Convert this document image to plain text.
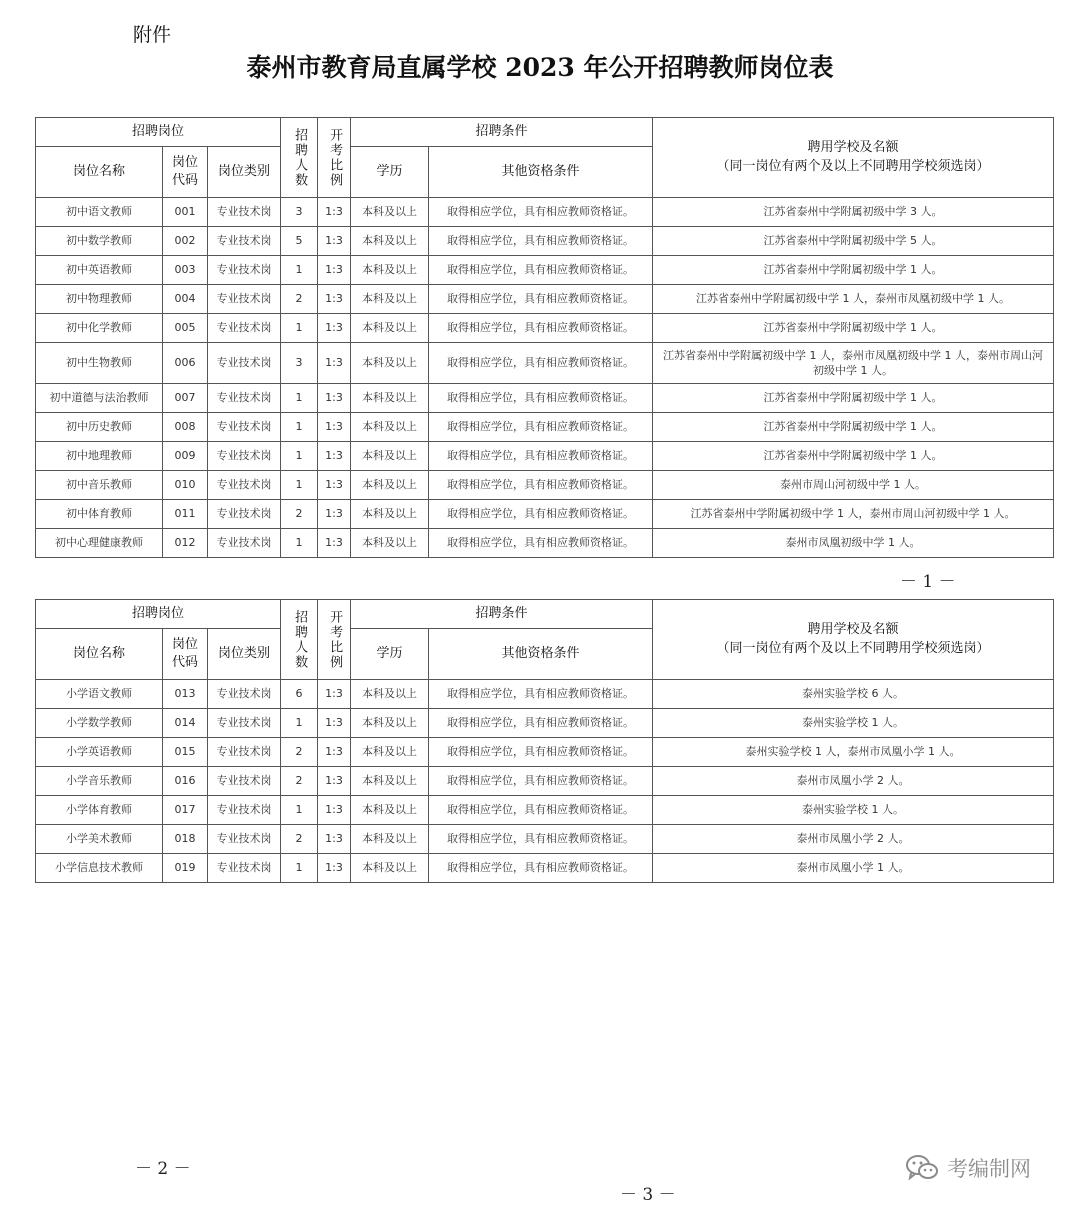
附件
泰州市教育局直属学校 2023 年公开招聘教师岗位表
招聘岗位			招聘人数	开考比例	招聘条件		聘用学校及名额
（同一岗位有两个及以上不同聘用学校须选岗）

岗位名称	岗位代码	岗位类别			学历	其他资格条件	
初中语文教师	001	专业技术岗	3	1:3	本科及以上	取得相应学位，具有相应教师资格证。	江苏省泰州中学附属初级中学 3 人。
初中数学教师	002	专业技术岗	5	1:3	本科及以上	取得相应学位，具有相应教师资格证。	江苏省泰州中学附属初级中学 5 人。
初中英语教师	003	专业技术岗	1	1:3	本科及以上	取得相应学位，具有相应教师资格证。	江苏省泰州中学附属初级中学 1 人。
初中物理教师	004	专业技术岗	2	1:3	本科及以上	取得相应学位，具有相应教师资格证。	江苏省泰州中学附属初级中学 1 人，泰州市凤凰初级中学 1 人。
初中化学教师	005	专业技术岗	1	1:3	本科及以上	取得相应学位，具有相应教师资格证。	江苏省泰州中学附属初级中学 1 人。
初中生物教师	006	专业技术岗	3	1:3	本科及以上	取得相应学位，具有相应教师资格证。	江苏省泰州中学附属初级中学 1 人，泰州市凤凰初级中学 1 人，泰州市周山河初级中学 1 人。
初中道德与法治教师	007	专业技术岗	1	1:3	本科及以上	取得相应学位，具有相应教师资格证。	江苏省泰州中学附属初级中学 1 人。
初中历史教师	008	专业技术岗	1	1:3	本科及以上	取得相应学位，具有相应教师资格证。	江苏省泰州中学附属初级中学 1 人。
初中地理教师	009	专业技术岗	1	1:3	本科及以上	取得相应学位，具有相应教师资格证。	江苏省泰州中学附属初级中学 1 人。
初中音乐教师	010	专业技术岗	1	1:3	本科及以上	取得相应学位，具有相应教师资格证。	泰州市周山河初级中学 1 人。
初中体育教师	011	专业技术岗	2	1:3	本科及以上	取得相应学位，具有相应教师资格证。	江苏省泰州中学附属初级中学 1 人，泰州市周山河初级中学 1 人。
初中心理健康教师	012	专业技术岗	1	1:3	本科及以上	取得相应学位，具有相应教师资格证。	泰州市凤凰初级中学 1 人。
－ 1 －
招聘岗位			招聘人数	开考比例	招聘条件		聘用学校及名额
（同一岗位有两个及以上不同聘用学校须选岗）

岗位名称	岗位代码	岗位类别			学历	其他资格条件	
小学语文教师	013	专业技术岗	6	1:3	本科及以上	取得相应学位，具有相应教师资格证。	泰州实验学校 6 人。
小学数学教师	014	专业技术岗	1	1:3	本科及以上	取得相应学位，具有相应教师资格证。	泰州实验学校 1 人。
小学英语教师	015	专业技术岗	2	1:3	本科及以上	取得相应学位，具有相应教师资格证。	泰州实验学校 1 人，泰州市凤凰小学 1 人。
小学音乐教师	016	专业技术岗	2	1:3	本科及以上	取得相应学位，具有相应教师资格证。	泰州市凤凰小学 2 人。
小学体育教师	017	专业技术岗	1	1:3	本科及以上	取得相应学位，具有相应教师资格证。	泰州实验学校 1 人。
小学美术教师	018	专业技术岗	2	1:3	本科及以上	取得相应学位，具有相应教师资格证。	泰州市凤凰小学 2 人。
小学信息技术教师	019	专业技术岗	1	1:3	本科及以上	取得相应学位，具有相应教师资格证。	泰州市凤凰小学 1 人。
－ 2 －
－ 3 －
考编制网
